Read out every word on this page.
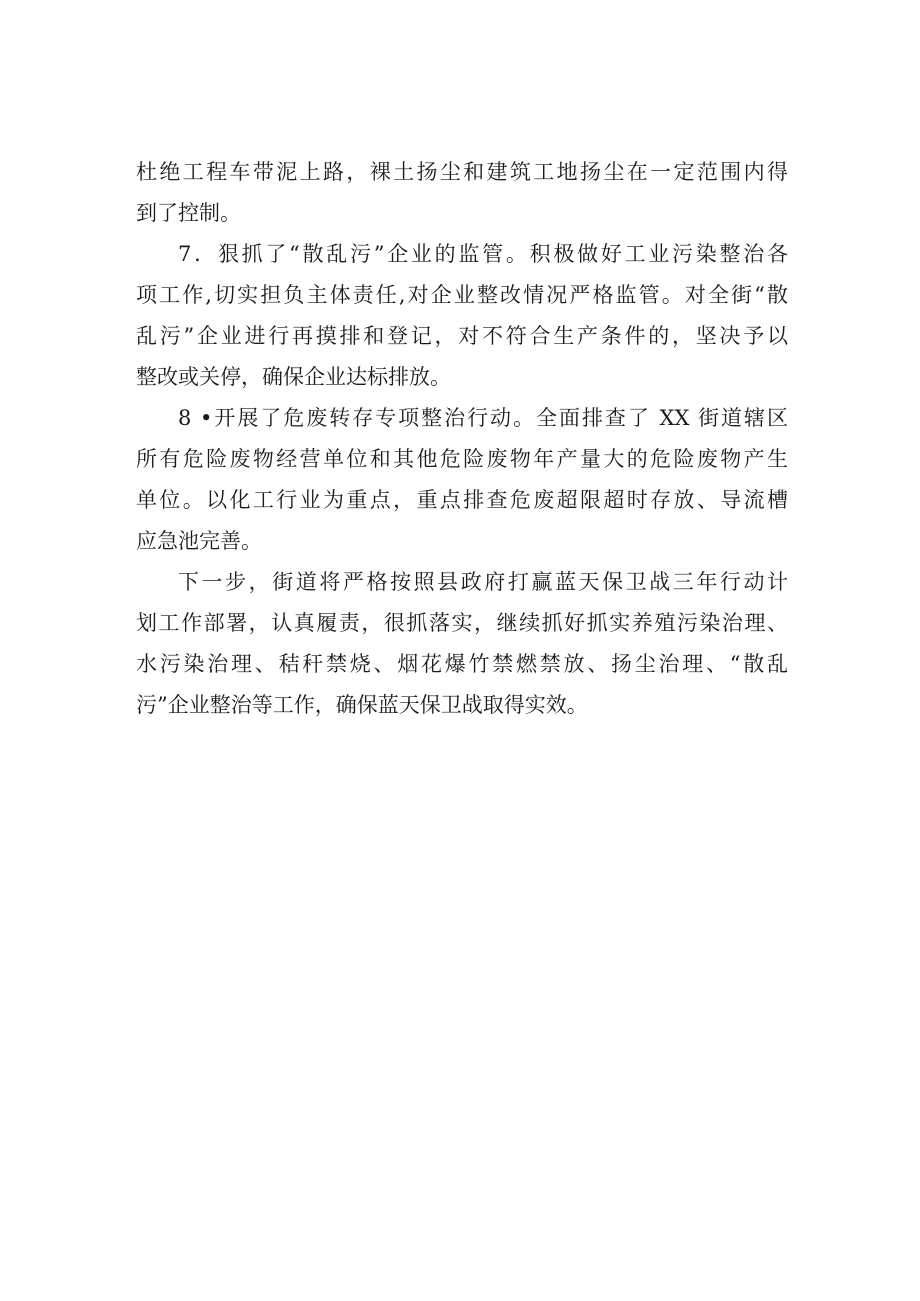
杜绝工程车带泥上路，裸土扬尘和建筑工地扬尘在一定范围内得
到了控制。
7．狠抓了“散乱污”企业的监管。积极做好工业污染整治各
项工作,切实担负主体责任,对企业整改情况严格监管。对全街“散
乱污”企业进行再摸排和登记，对不符合生产条件的，坚决予以
整改或关停，确保企业达标排放。
8 •开展了危废转存专项整治行动。全面排查了 XX 街道辖区
所有危险废物经营单位和其他危险废物年产量大的危险废物产生
单位。以化工行业为重点，重点排查危废超限超时存放、导流槽
应急池完善。
下一步，街道将严格按照县政府打赢蓝天保卫战三年行动计
划工作部署，认真履责，很抓落实，继续抓好抓实养殖污染治理、
水污染治理、秸秆禁烧、烟花爆竹禁燃禁放、扬尘治理、“散乱
污”企业整治等工作，确保蓝天保卫战取得实效。
